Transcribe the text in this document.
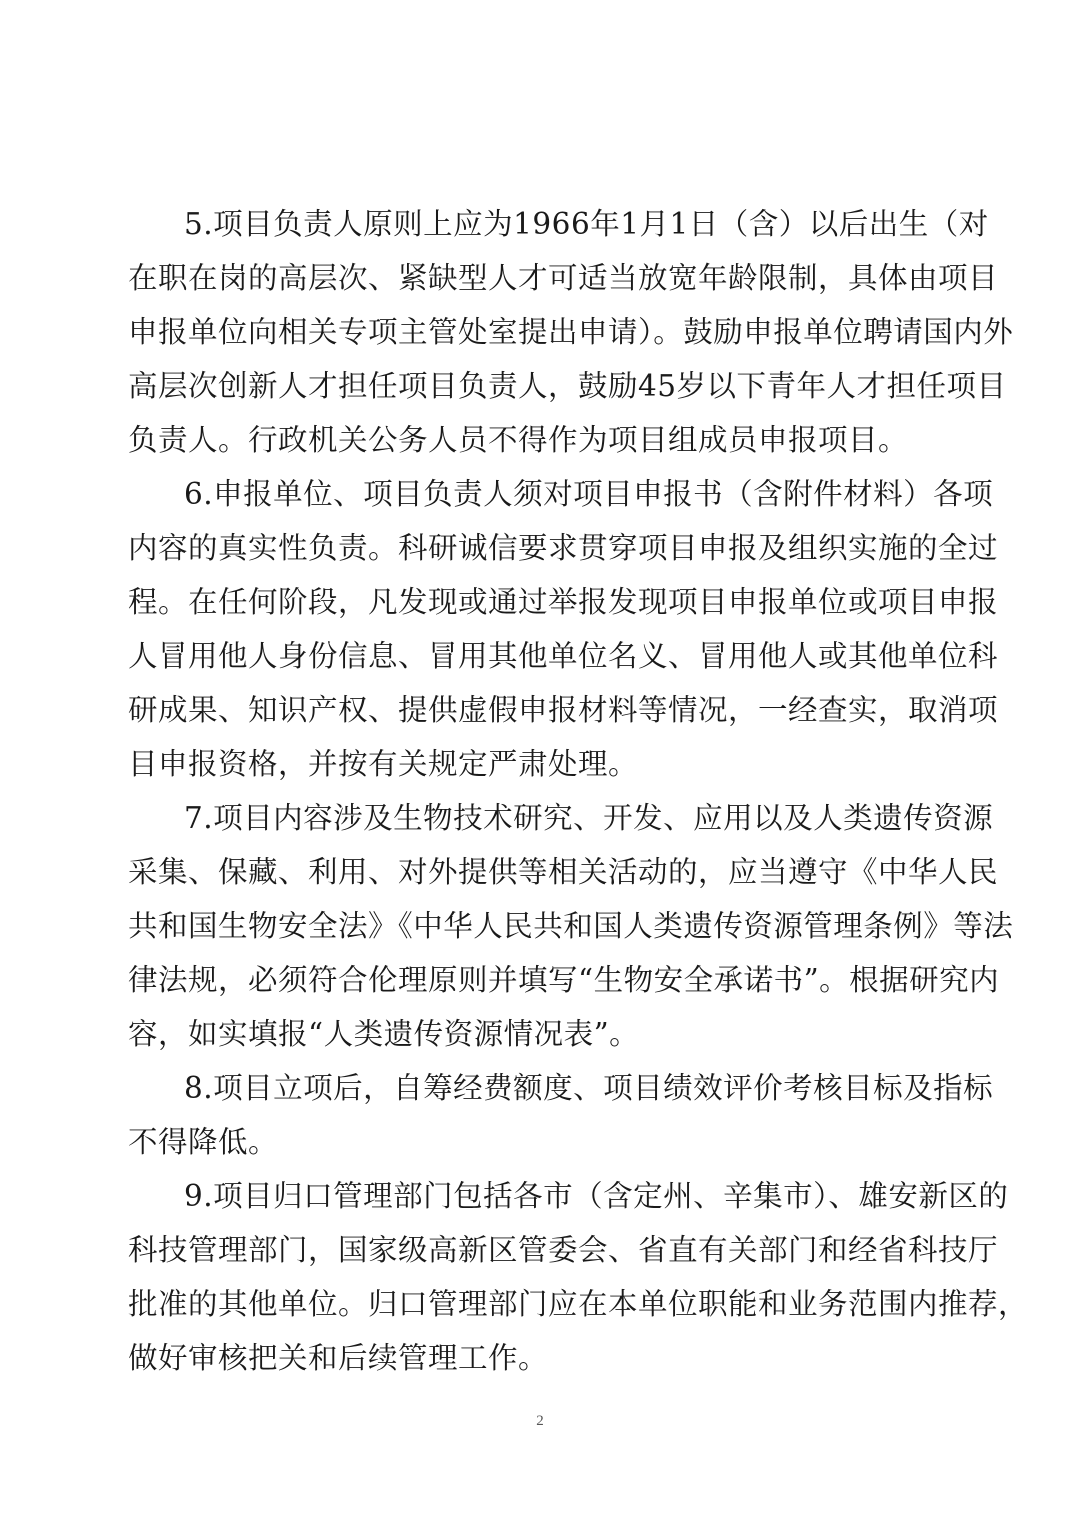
5.项目负责人原则上应为1966年1月1日（含）以后出生（对
在职在岗的高层次、紧缺型人才可适当放宽年龄限制，具体由项目
申报单位向相关专项主管处室提出申请）。鼓励申报单位聘请国内外
高层次创新人才担任项目负责人，鼓励45岁以下青年人才担任项目
负责人。行政机关公务人员不得作为项目组成员申报项目。
6.申报单位、项目负责人须对项目申报书（含附件材料）各项
内容的真实性负责。科研诚信要求贯穿项目申报及组织实施的全过
程。在任何阶段，凡发现或通过举报发现项目申报单位或项目申报
人冒用他人身份信息、冒用其他单位名义、冒用他人或其他单位科
研成果、知识产权、提供虚假申报材料等情况，一经查实，取消项
目申报资格，并按有关规定严肃处理。
7.项目内容涉及生物技术研究、开发、应用以及人类遗传资源
采集、保藏、利用、对外提供等相关活动的，应当遵守《中华人民
共和国生物安全法》《中华人民共和国人类遗传资源管理条例》等法
律法规，必须符合伦理原则并填写“生物安全承诺书”。根据研究内
容，如实填报“人类遗传资源情况表”。
8.项目立项后，自筹经费额度、项目绩效评价考核目标及指标
不得降低。
9.项目归口管理部门包括各市（含定州、辛集市）、雄安新区的
科技管理部门，国家级高新区管委会、省直有关部门和经省科技厅
批准的其他单位。归口管理部门应在本单位职能和业务范围内推荐，
做好审核把关和后续管理工作。
2
